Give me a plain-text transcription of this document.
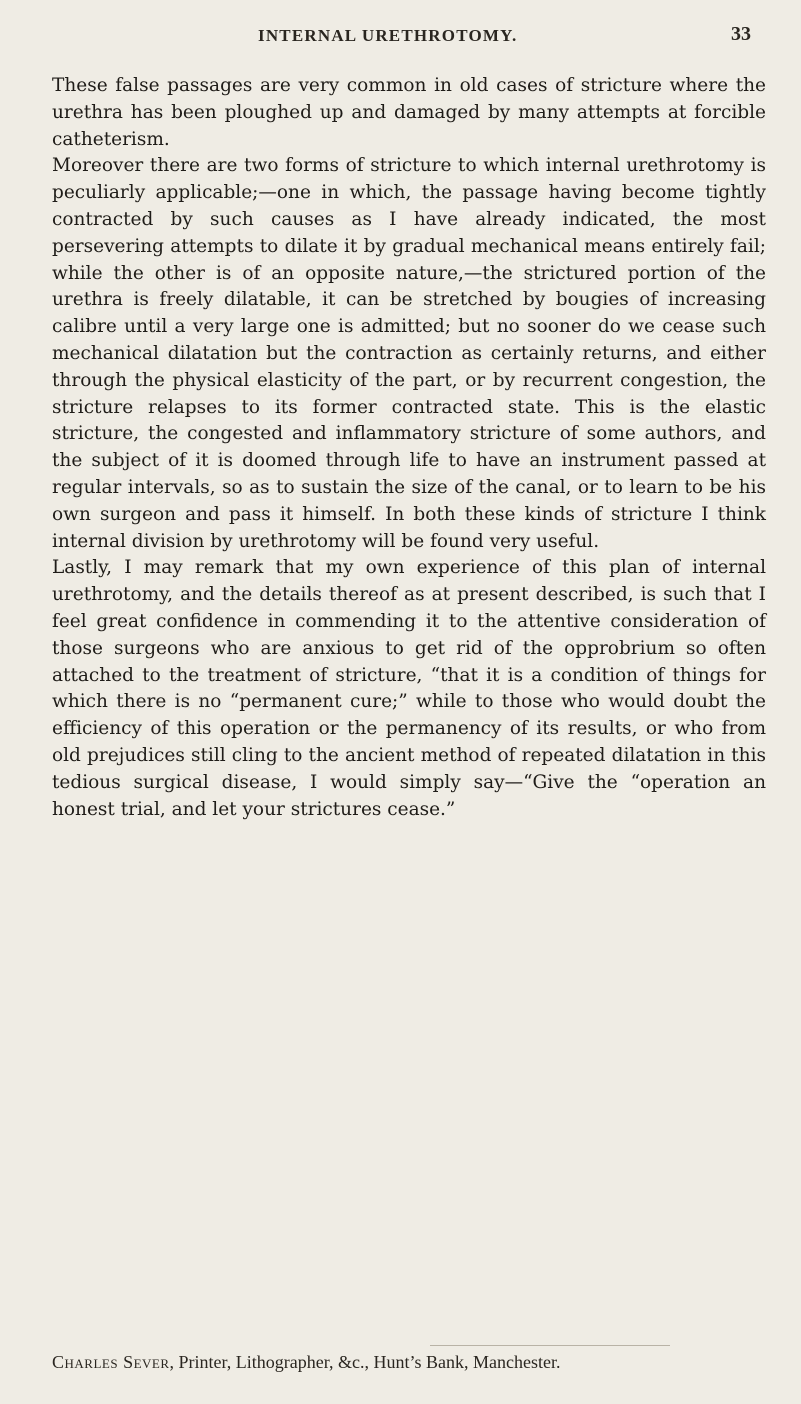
INTERNAL URETHROTOMY.	33

These false passages are very common in old cases of stricture where the urethra has been ploughed up and damaged by many attempts at forcible catheterism.

Moreover there are two forms of stricture to which internal urethrotomy is peculiarly applicable;—one in which, the passage having become tightly contracted by such causes as I have already indicated, the most persevering attempts to dilate it by gradual mechanical means entirely fail; while the other is of an opposite nature,—the strictured portion of the urethra is freely dilatable, it can be stretched by bougies of increasing calibre until a very large one is admitted; but no sooner do we cease such mechanical dilatation but the contraction as certainly returns, and either through the physical elasticity of the part, or by recurrent congestion, the stricture relapses to its former contracted state. This is the elastic stricture, the congested and inflammatory stricture of some authors, and the subject of it is doomed through life to have an instrument passed at regular intervals, so as to sustain the size of the canal, or to learn to be his own surgeon and pass it himself. In both these kinds of stricture I think internal division by urethrotomy will be found very useful.

Lastly, I may remark that my own experience of this plan of internal urethrotomy, and the details thereof as at present described, is such that I feel great confidence in commending it to the attentive consideration of those surgeons who are anxious to get rid of the opprobrium so often attached to the treatment of stricture, “that it is a condition of things for which there is no “permanent cure;” while to those who would doubt the efficiency of this operation or the permanency of its results, or who from old prejudices still cling to the ancient method of repeated dilatation in this tedious surgical disease, I would simply say—“Give the “operation an honest trial, and let your strictures cease.”

Charles Sever, Printer, Lithographer, &c., Hunt’s Bank, Manchester.
